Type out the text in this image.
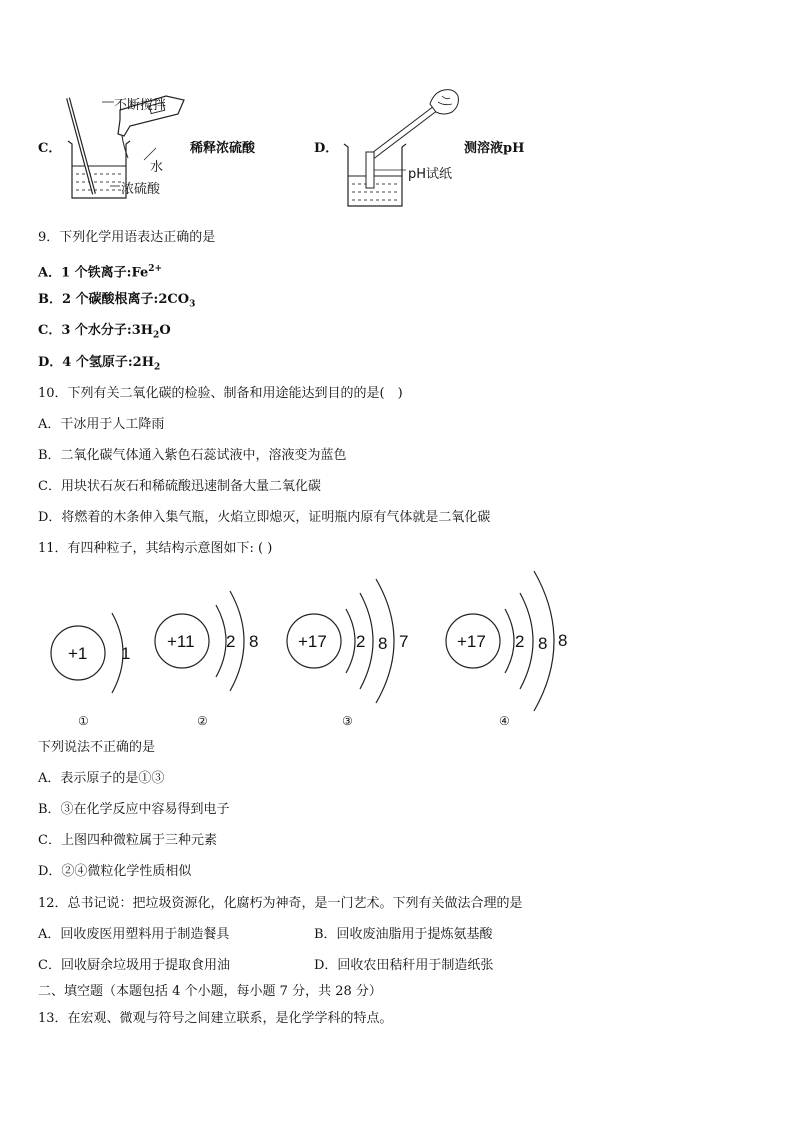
C．
不断搅拌
水
浓硫酸
稀释浓硫酸	D．
pH试纸
测溶液pH
9．下列化学用语表达正确的是
A．1 个铁离子$:Fe^{2+}$
B．2 个碳酸根离子$:2CO_3$
C．3 个水分子$:3H_2O$
D．4 个氢原子$:2H_2$
10．下列有关二氧化碳的检验、制备和用途能达到目的的是(　)
A．干冰用于人工降雨
B．二氧化碳气体通入紫色石蕊试液中，溶液变为蓝色
C．用块状石灰石和稀硫酸迅速制备大量二氧化碳
D．将燃着的木条伸入集气瓶，火焰立即熄灭，证明瓶内原有气体就是二氧化碳
11．有四种粒子，其结构示意图如下: ( )
+1 1
+11 2 8 +17 2 8 7	+17 2 8 8
①	②	③	④
下列说法不正确的是
A．表示原子的是①③
B．③在化学反应中容易得到电子
C．上图四种微粒属于三种元素
D．②④微粒化学性质相似
12．总书记说：把垃圾资源化，化腐朽为神奇，是一门艺术。下列有关做法合理的是
A．回收废医用塑料用于制造餐具	B．回收废油脂用于提炼氨基酸
C．回收厨余垃圾用于提取食用油	D．回收农田秸秆用于制造纸张
二、填空题（本题包括 4 个小题，每小题 7 分，共 28 分）
13．在宏观、微观与符号之间建立联系，是化学学科的特点。
